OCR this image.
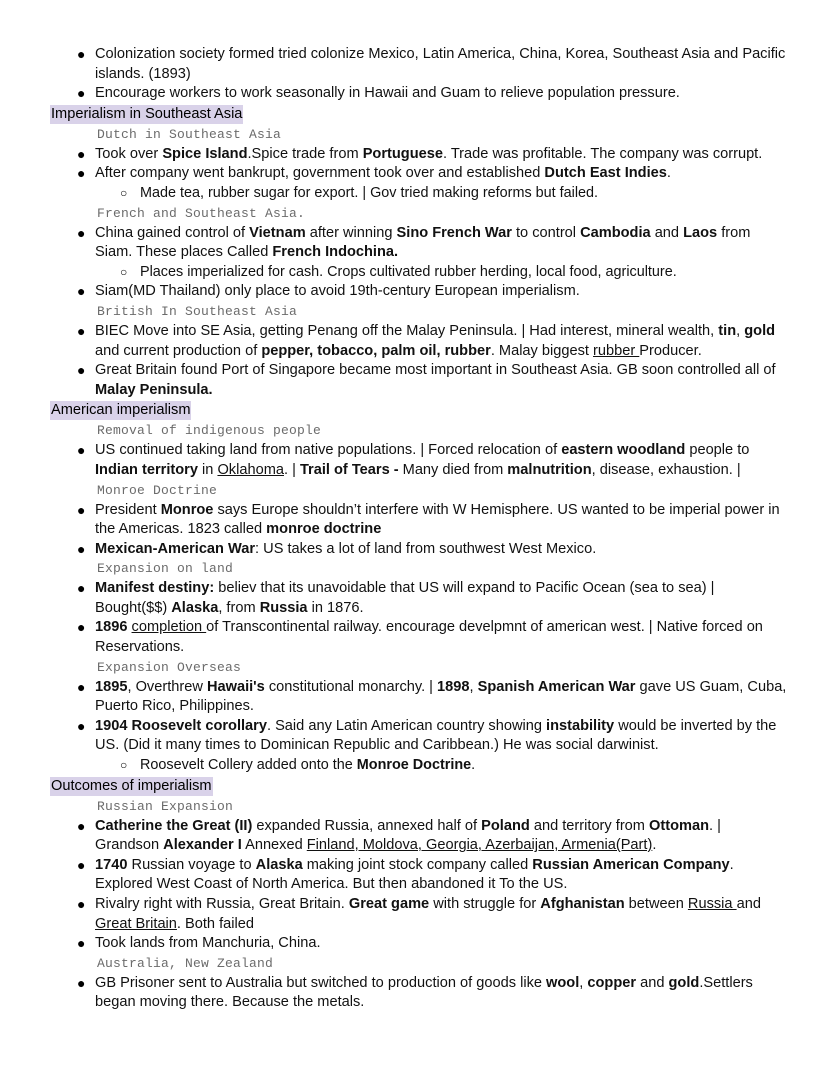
● Colonization society formed tried colonize Mexico, Latin America, China, Korea, Southeast Asia and Pacific islands. (1893)
● Encourage workers to work seasonally in Hawaii and Guam to relieve population pressure.
Imperialism in Southeast Asia
Dutch in Southeast Asia
● Took over Spice Island.Spice trade from Portuguese. Trade was profitable. The company was corrupt.
● After company went bankrupt, government took over and established Dutch East Indies.
○ Made tea, rubber sugar for export. | Gov tried making reforms but failed.
French and Southeast Asia.
● China gained control of Vietnam after winning Sino French War to control Cambodia and Laos from Siam. These places Called French Indochina.
○ Places imperialized for cash. Crops cultivated rubber herding, local food, agriculture.
● Siam(MD Thailand) only place to avoid 19th-century European imperialism.
British In Southeast Asia
● BIEC Move into SE Asia, getting Penang off the Malay Peninsula. | Had interest, mineral wealth, tin, gold and current production of pepper, tobacco, palm oil, rubber. Malay biggest rubber Producer.
● Great Britain found Port of Singapore became most important in Southeast Asia. GB soon controlled all of Malay Peninsula.
American imperialism
Removal of indigenous people
● US continued taking land from native populations. | Forced relocation of eastern woodland people to Indian territory in Oklahoma. | Trail of Tears - Many died from malnutrition, disease, exhaustion. |
Monroe Doctrine
● President Monroe says Europe shouldn’t interfere with W Hemisphere. US wanted to be imperial power in the Americas. 1823 called monroe doctrine
● Mexican-American War: US takes a lot of land from southwest West Mexico.
Expansion on land
● Manifest destiny: believ that its unavoidable that US will expand to Pacific Ocean (sea to sea) | Bought($$) Alaska, from Russia in 1876.
● 1896 completion of Transcontinental railway. encourage develpmnt of american west. | Native forced on Reservations.
Expansion Overseas
● 1895, Overthrew Hawaii's constitutional monarchy. | 1898, Spanish American War gave US Guam, Cuba, Puerto Rico, Philippines.
● 1904 Roosevelt corollary. Said any Latin American country showing instability would be inverted by the US. (Did it many times to Dominican Republic and Caribbean.) He was social darwinist.
○ Roosevelt Collery added onto the Monroe Doctrine.
Outcomes of imperialism
Russian Expansion
● Catherine the Great (II) expanded Russia, annexed half of Poland and territory from Ottoman. | Grandson Alexander I Annexed Finland, Moldova, Georgia, Azerbaijan, Armenia(Part).
● 1740 Russian voyage to Alaska making joint stock company called Russian American Company. Explored West Coast of North America. But then abandoned it To the US.
● Rivalry right with Russia, Great Britain. Great game with struggle for Afghanistan between Russia and Great Britain. Both failed
● Took lands from Manchuria, China.
Australia, New Zealand
● GB Prisoner sent to Australia but switched to production of goods like wool, copper and gold.Settlers began moving there. Because the metals.
